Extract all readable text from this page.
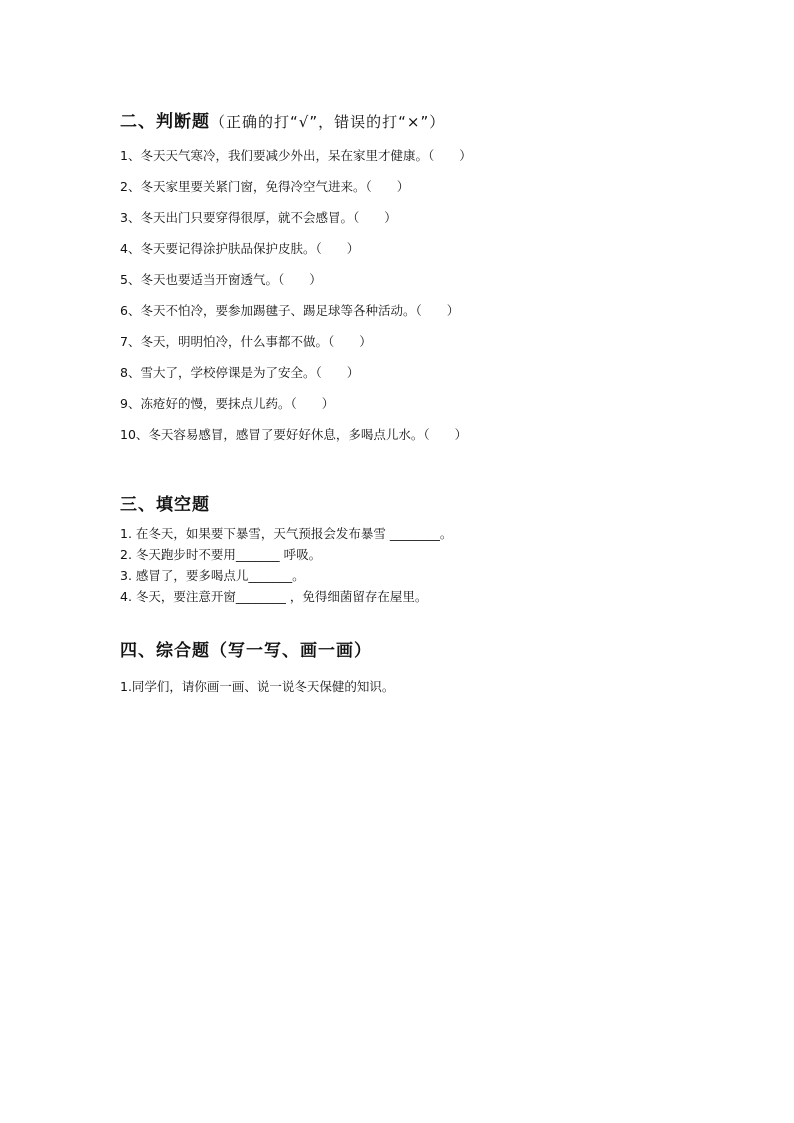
二、判断题（正确的打“√”，错误的打“×”）
1、冬天天气寒冷，我们要减少外出，呆在家里才健康。（　　）
2、冬天家里要关紧门窗，免得冷空气进来。（　　）
3、冬天出门只要穿得很厚，就不会感冒。（　　）
4、冬天要记得涂护肤品保护皮肤。（　　）
5、冬天也要适当开窗透气。（　　）
6、冬天不怕冷，要参加踢毽子、踢足球等各种活动。（　　）
7、冬天，明明怕冷，什么事都不做。（　　）
8、雪大了，学校停课是为了安全。（　　）
9、冻疮好的慢，要抹点儿药。（　　）
10、冬天容易感冒，感冒了要好好休息，多喝点儿水。（　　）
三、填空题
1. 在冬天，如果要下暴雪，天气预报会发布暴雪 ________。
2. 冬天跑步时不要用_______ 呼吸。
3. 感冒了，要多喝点儿_______。
4. 冬天，要注意开窗________ ，免得细菌留存在屋里。
四、综合题（写一写、画一画）
1.同学们，请你画一画、说一说冬天保健的知识。
